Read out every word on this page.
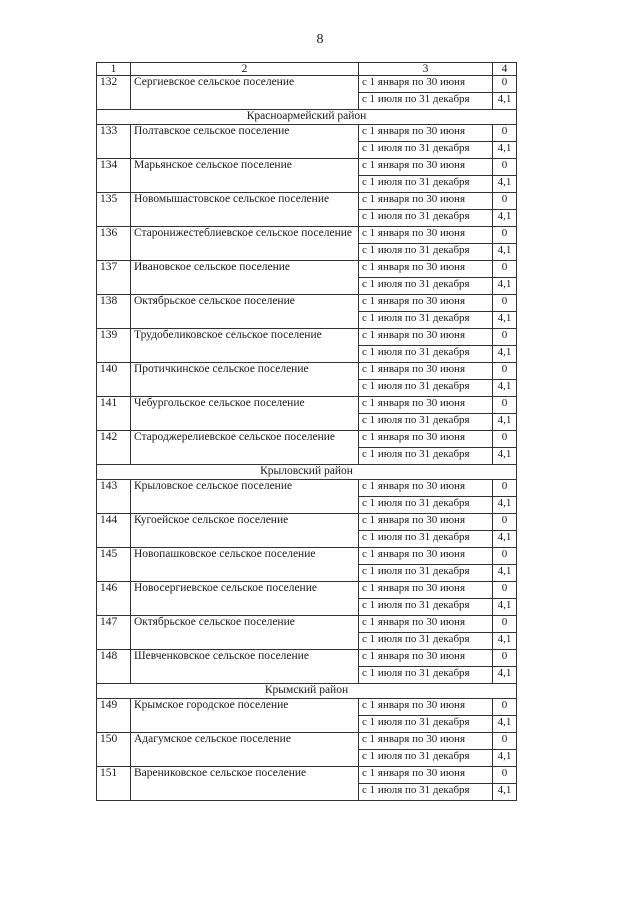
8
1	2	3	4
132	Сергиевское сельское поселение	с 1 января по 30 июня	0
		с 1 июля по 31 декабря	4,1
Красноармейский район			
133	Полтавское сельское поселение	с 1 января по 30 июня	0
		с 1 июля по 31 декабря	4,1
134	Марьянское сельское поселение	с 1 января по 30 июня	0
		с 1 июля по 31 декабря	4,1
135	Новомышастовское сельское поселение	с 1 января по 30 июня	0
		с 1 июля по 31 декабря	4,1
136	Старонижестеблиевское сельское поселение	с 1 января по 30 июня	0
		с 1 июля по 31 декабря	4,1
137	Ивановское сельское поселение	с 1 января по 30 июня	0
		с 1 июля по 31 декабря	4,1
138	Октябрьское сельское поселение	с 1 января по 30 июня	0
		с 1 июля по 31 декабря	4,1
139	Трудобеликовское сельское поселение	с 1 января по 30 июня	0
		с 1 июля по 31 декабря	4,1
140	Протичкинское сельское поселение	с 1 января по 30 июня	0
		с 1 июля по 31 декабря	4,1
141	Чебургольское сельское поселение	с 1 января по 30 июня	0
		с 1 июля по 31 декабря	4,1
142	Староджерелиевское сельское поселение	с 1 января по 30 июня	0
		с 1 июля по 31 декабря	4,1
Крыловский район			
143	Крыловское сельское поселение	с 1 января по 30 июня	0
		с 1 июля по 31 декабря	4,1
144	Кугоейское сельское поселение	с 1 января по 30 июня	0
		с 1 июля по 31 декабря	4,1
145	Новопашковское сельское поселение	с 1 января по 30 июня	0
		с 1 июля по 31 декабря	4,1
146	Новосергиевское сельское поселение	с 1 января по 30 июня	0
		с 1 июля по 31 декабря	4,1
147	Октябрьское сельское поселение	с 1 января по 30 июня	0
		с 1 июля по 31 декабря	4,1
148	Шевченковское сельское поселение	с 1 января по 30 июня	0
		с 1 июля по 31 декабря	4,1
Крымский район			
149	Крымское городское поселение	с 1 января по 30 июня	0
		с 1 июля по 31 декабря	4,1
150	Адагумское сельское поселение	с 1 января по 30 июня	0
		с 1 июля по 31 декабря	4,1
151	Варениковское сельское поселение	с 1 января по 30 июня	0
		с 1 июля по 31 декабря	4,1
